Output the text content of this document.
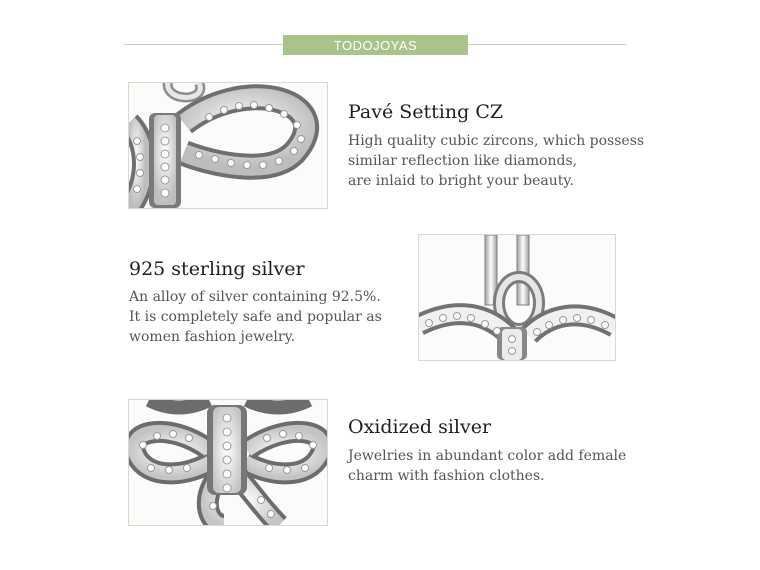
TODOJOYAS
Pavé Setting CZ
High quality cubic zircons, which possess
similar reflection like diamonds,
are inlaid to bright your beauty.
925 sterling silver
An alloy of silver containing 92.5%.
It is completely safe and popular as
women fashion jewelry.
Oxidized silver
Jewelries in abundant color add female
charm with fashion clothes.
